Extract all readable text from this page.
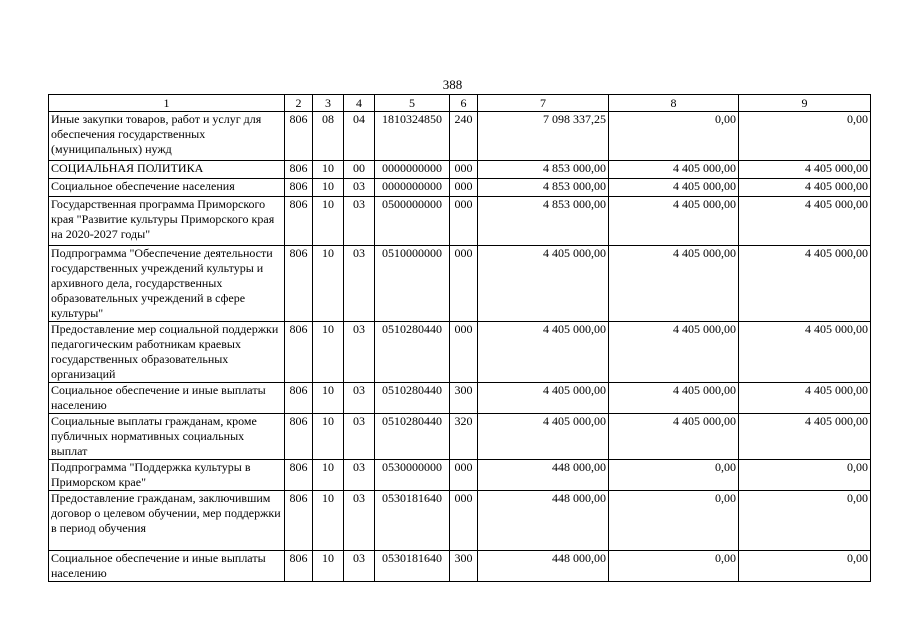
388
1	2	3	4	5	6	7	8	9
Иные закупки товаров, работ и услуг для обеспечения государственных (муниципальных) нужд	806	08	04	1810324850	240	7 098 337,25	0,00	0,00
СОЦИАЛЬНАЯ ПОЛИТИКА	806	10	00	0000000000	000	4 853 000,00	4 405 000,00	4 405 000,00
Социальное обеспечение населения	806	10	03	0000000000	000	4 853 000,00	4 405 000,00	4 405 000,00
Государственная программа Приморского края "Развитие культуры Приморского края на 2020-2027 годы"	806	10	03	0500000000	000	4 853 000,00	4 405 000,00	4 405 000,00
Подпрограмма "Обеспечение деятельности государственных учреждений культуры и архивного дела, государственных образовательных учреждений в сфере культуры"	806	10	03	0510000000	000	4 405 000,00	4 405 000,00	4 405 000,00
Предоставление мер социальной поддержки педагогическим работникам краевых государственных образовательных организаций	806	10	03	0510280440	000	4 405 000,00	4 405 000,00	4 405 000,00
Социальное обеспечение и иные выплаты населению	806	10	03	0510280440	300	4 405 000,00	4 405 000,00	4 405 000,00
Социальные выплаты гражданам, кроме публичных нормативных социальных выплат	806	10	03	0510280440	320	4 405 000,00	4 405 000,00	4 405 000,00
Подпрограмма "Поддержка культуры в Приморском крае"	806	10	03	0530000000	000	448 000,00	0,00	0,00
Предоставление гражданам, заключившим договор о целевом обучении, мер поддержки в период обучения	806	10	03	0530181640	000	448 000,00	0,00	0,00
Социальное обеспечение и иные выплаты населению	806	10	03	0530181640	300	448 000,00	0,00	0,00
